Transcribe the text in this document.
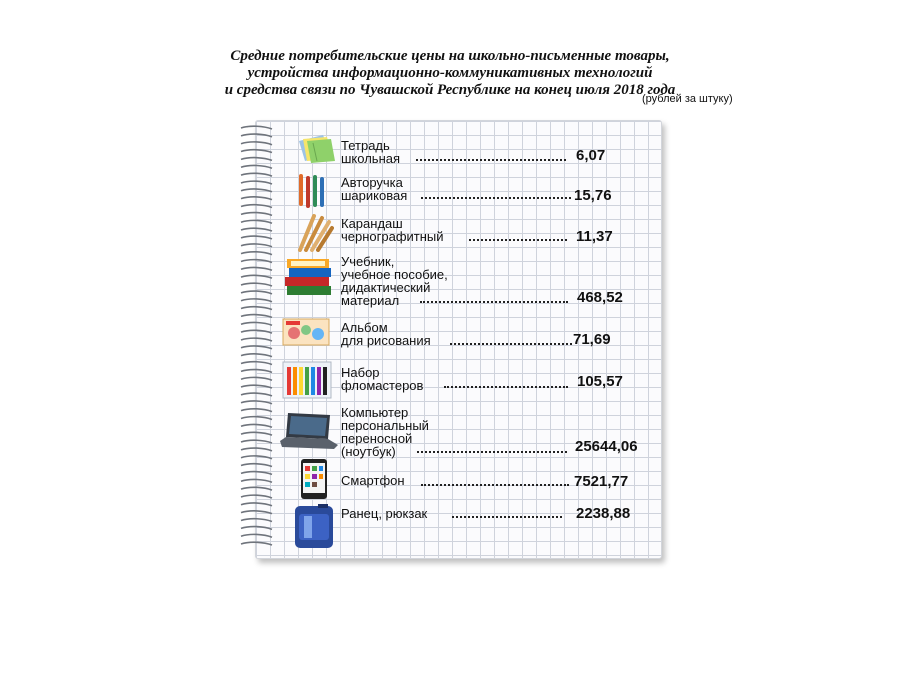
Средние потребительские цены на школьно-письменные товары,
устройства информационно-коммуникативных технологий
и средства связи по Чувашской Республике на конец июля 2018 года
(рублей за штуку)
Тетрадь
школьная	6,07
Авторучка
шариковая	15,76
Карандаш
чернографитный	11,37
Учебник,
учебное пособие,
дидактический
материал	468,52
Альбом
для рисования	71,69
Набор
фломастеров	105,57
Компьютер
персональный
переносной
(ноутбук)	25644,06
Смартфон	7521,77
Ранец, рюкзак	2238,88
